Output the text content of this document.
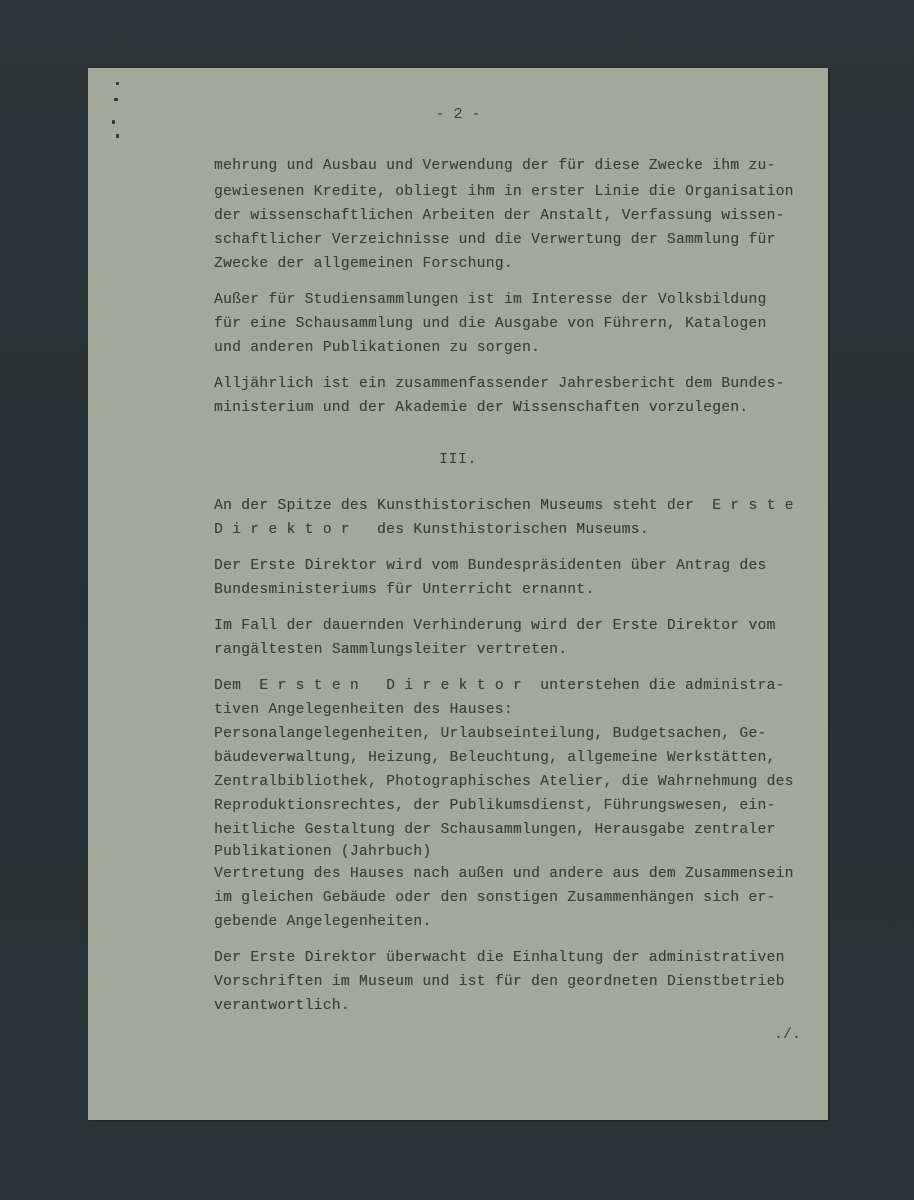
- 2 -
mehrung und Ausbau und Verwendung der für diese Zwecke ihm zu-
gewiesenen Kredite, obliegt ihm in erster Linie die Organisation
der wissenschaftlichen Arbeiten der Anstalt, Verfassung wissen-
schaftlicher Verzeichnisse und die Verwertung der Sammlung für
Zwecke der allgemeinen Forschung.
Außer für Studiensammlungen ist im Interesse der Volksbildung
für eine Schausammlung und die Ausgabe von Führern, Katalogen
und anderen Publikationen zu sorgen.
Alljährlich ist ein zusammenfassender Jahresbericht dem Bundes-
ministerium und der Akademie der Wissenschaften vorzulegen.
III.
An der Spitze des Kunsthistorischen Museums steht der  E r s t e
D i r e k t o r   des Kunsthistorischen Museums.
Der Erste Direktor wird vom Bundespräsidenten über Antrag des
Bundesministeriums für Unterricht ernannt.
Im Fall der dauernden Verhinderung wird der Erste Direktor vom
rangältesten Sammlungsleiter vertreten.
Dem  E r s t e n   D i r e k t o r  unterstehen die administra-
tiven Angelegenheiten des Hauses:
Personalangelegenheiten, Urlaubseinteilung, Budgetsachen, Ge-
bäudeverwaltung, Heizung, Beleuchtung, allgemeine Werkstätten,
Zentralbibliothek, Photographisches Atelier, die Wahrnehmung des
Reproduktionsrechtes, der Publikumsdienst, Führungswesen, ein-
heitliche Gestaltung der Schausammlungen, Herausgabe zentraler
Publikationen (Jahrbuch)
Vertretung des Hauses nach außen und andere aus dem Zusammensein
im gleichen Gebäude oder den sonstigen Zusammenhängen sich er-
gebende Angelegenheiten.
Der Erste Direktor überwacht die Einhaltung der administrativen
Vorschriften im Museum und ist für den geordneten Dienstbetrieb
verantwortlich.
./.
